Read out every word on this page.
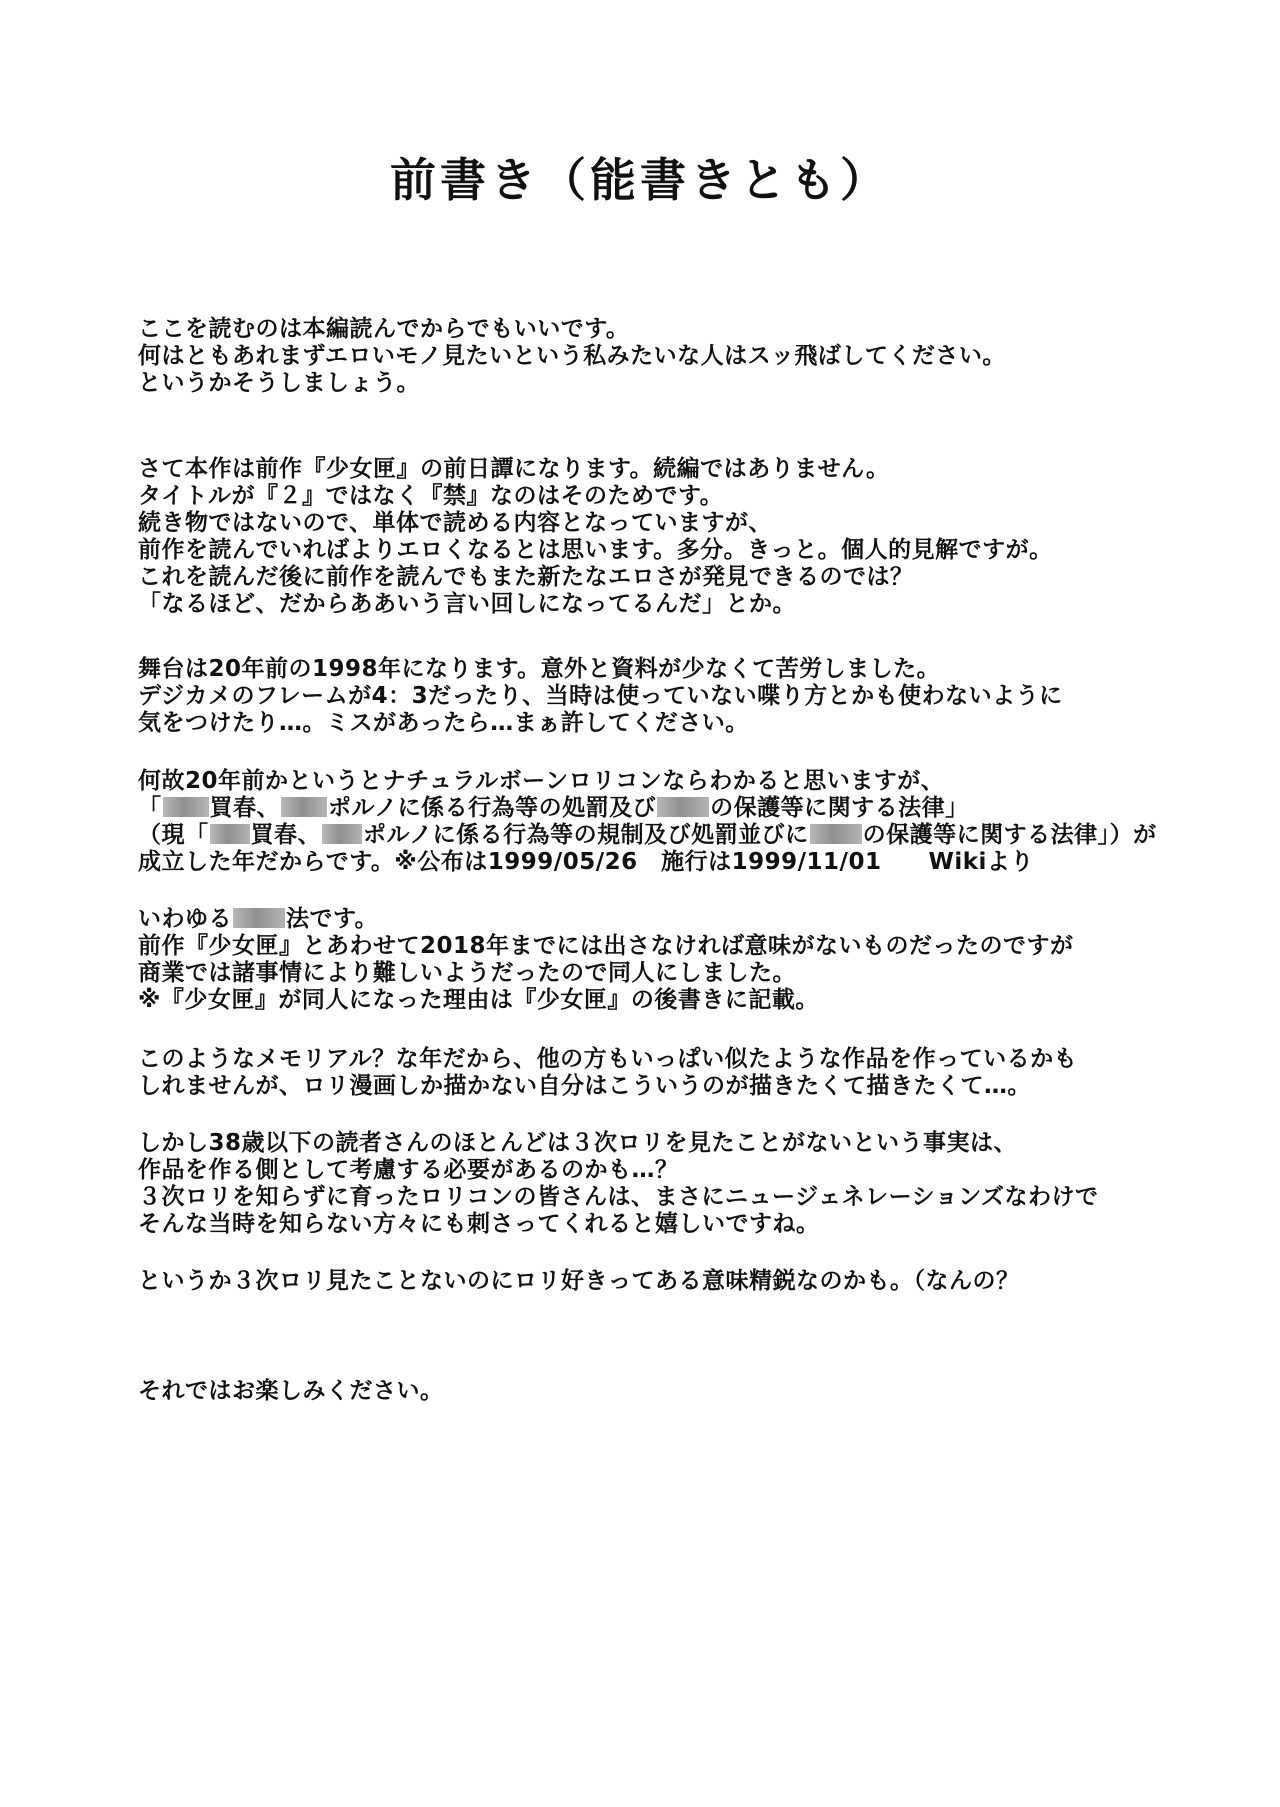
前書き（能書きとも）
ここを読むのは本編読んでからでもいいです。
何はともあれまずエロいモノ見たいという私みたいな人はスッ飛ばしてください。
というかそうしましょう。
さて本作は前作『少女匣』の前日譚になります。続編ではありません。
タイトルが『２』ではなく『禁』なのはそのためです。
続き物ではないので、単体で読める内容となっていますが、
前作を読んでいればよりエロくなるとは思います。多分。きっと。個人的見解ですが。
これを読んだ後に前作を読んでもまた新たなエロさが発見できるのでは？
「なるほど、だからああいう言い回しになってるんだ」とか。
舞台は20年前の1998年になります。意外と資料が少なくて苦労しました。
デジカメのフレームが4：3だったり、当時は使っていない喋り方とかも使わないように
気をつけたり…。ミスがあったら…まぁ許してください。
何故20年前かというとナチュラルボーンロリコンならわかると思いますが、
「 買春、 ポルノに係る行為等の処罰及び の保護等に関する法律」
（現「 買春、 ポルノに係る行為等の規制及び処罰並びに の保護等に関する法律」）が
成立した年だからです。※公布は1999/05/26　施行は1999/11/01　　Wikiより
いわゆる 法です。
前作『少女匣』とあわせて2018年までには出さなければ意味がないものだったのですが
商業では諸事情により難しいようだったので同人にしました。
※『少女匣』が同人になった理由は『少女匣』の後書きに記載。
このようなメモリアル？な年だから、他の方もいっぱい似たような作品を作っているかも
しれませんが、ロリ漫画しか描かない自分はこういうのが描きたくて描きたくて…。
しかし38歳以下の読者さんのほとんどは３次ロリを見たことがないという事実は、
作品を作る側として考慮する必要があるのかも…？
３次ロリを知らずに育ったロリコンの皆さんは、まさにニュージェネレーションズなわけで
そんな当時を知らない方々にも刺さってくれると嬉しいですね。
というか３次ロリ見たことないのにロリ好きってある意味精鋭なのかも。（なんの？
それではお楽しみください。
